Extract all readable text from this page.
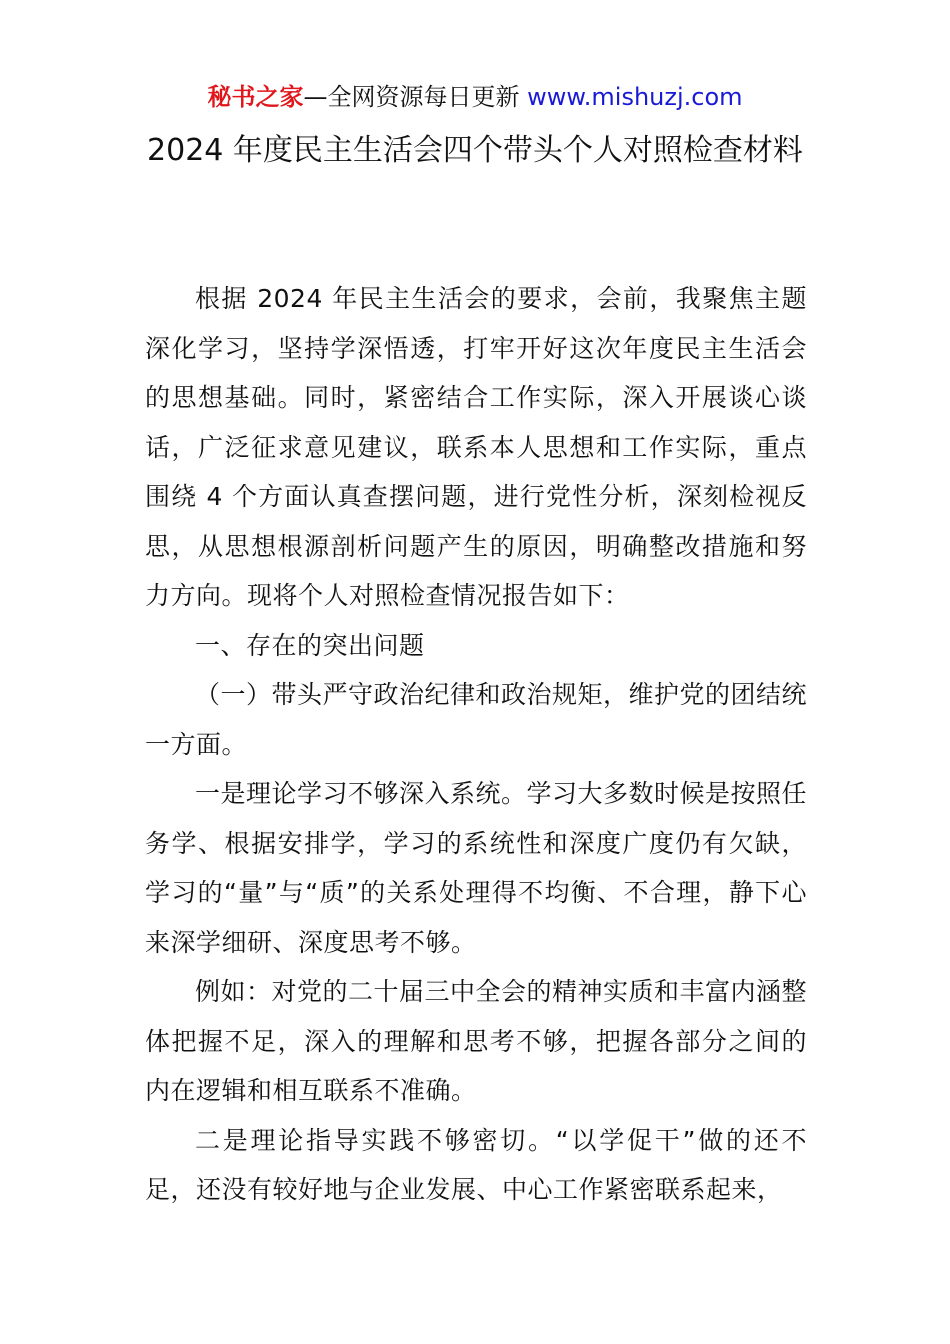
秘书之家—全网资源每日更新 www.mishuzj.com
2024 年度民主生活会四个带头个人对照检查材料

根据 2024 年民主生活会的要求，会前，我聚焦主题深化学习，坚持学深悟透，打牢开好这次年度民主生活会的思想基础。同时，紧密结合工作实际，深入开展谈心谈话，广泛征求意见建议，联系本人思想和工作实际，重点围绕 4 个方面认真查摆问题，进行党性分析，深刻检视反思，从思想根源剖析问题产生的原因，明确整改措施和努力方向。现将个人对照检查情况报告如下：

一、存在的突出问题

（一）带头严守政治纪律和政治规矩，维护党的团结统一方面。

一是理论学习不够深入系统。学习大多数时候是按照任务学、根据安排学，学习的系统性和深度广度仍有欠缺，学习的“量”与“质”的关系处理得不均衡、不合理，静下心来深学细研、深度思考不够。

例如：对党的二十届三中全会的精神实质和丰富内涵整体把握不足，深入的理解和思考不够，把握各部分之间的内在逻辑和相互联系不准确。

二是理论指导实践不够密切。“以学促干”做的还不足，还没有较好地与企业发展、中心工作紧密联系起来，
